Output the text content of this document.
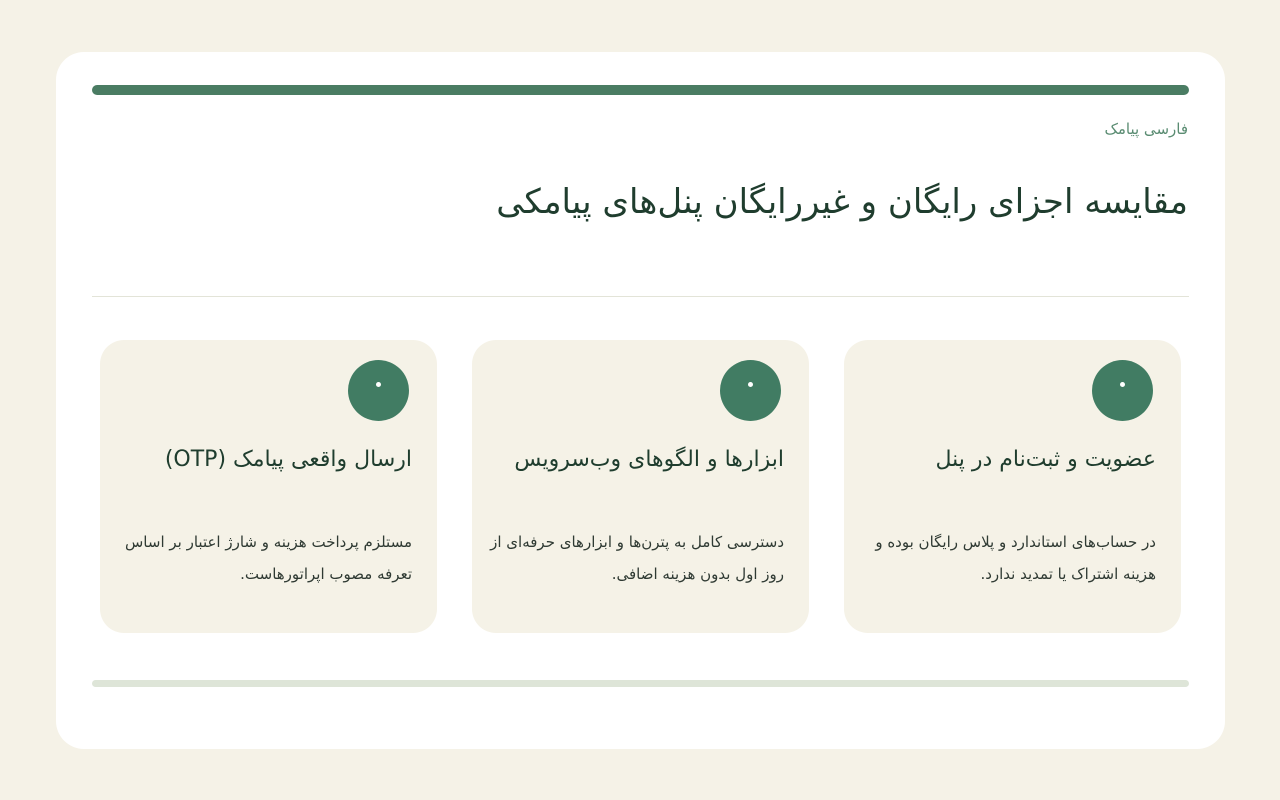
فارسی پیامک
مقایسه اجزای رایگان و غیررایگان پنل‌های پیامکی
عضویت و ثبت‌نام در پنل
در حساب‌های استاندارد و پلاس رایگان بوده و هزینه اشتراک یا تمدید ندارد.
ابزارها و الگوهای وب‌سرویس
دسترسی کامل به پترن‌ها و ابزارهای حرفه‌ای از روز اول بدون هزینه اضافی.
ارسال واقعی پیامک (OTP)
مستلزم پرداخت هزینه و شارژ اعتبار بر اساس تعرفه مصوب اپراتورهاست.
